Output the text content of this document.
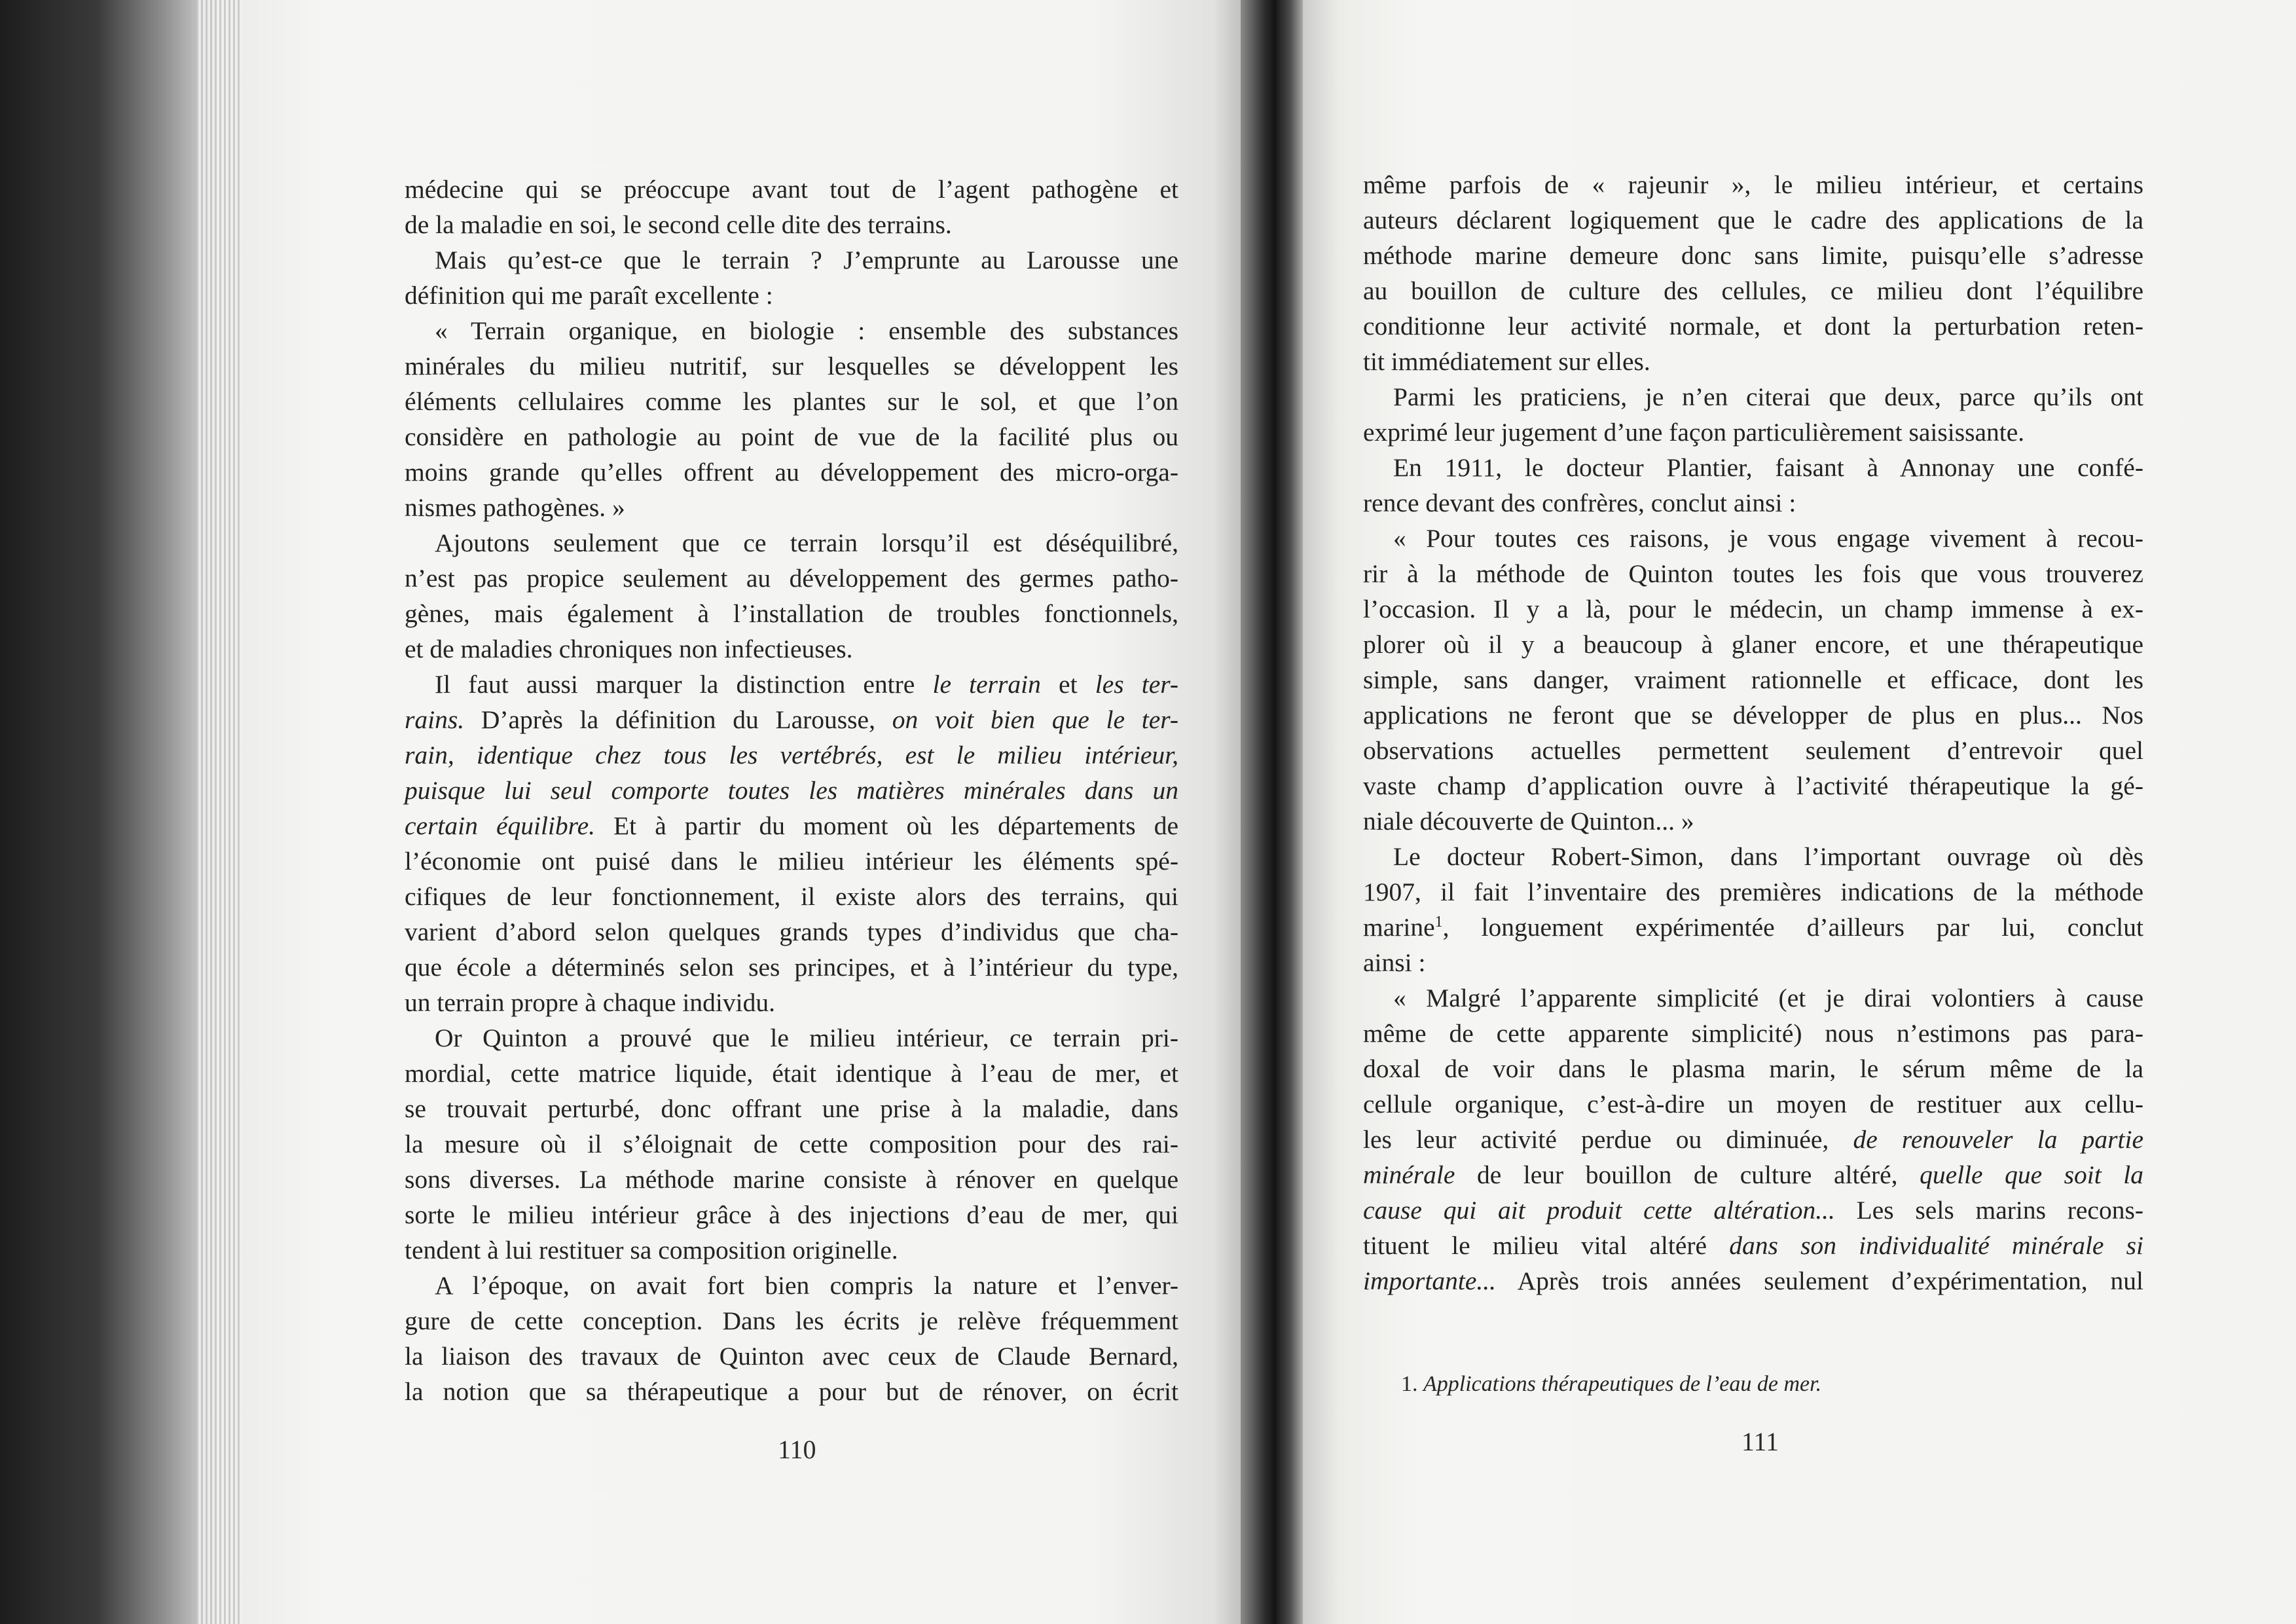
médecine qui se préoccupe avant tout de l’agent pathogène et
de la maladie en soi, le second celle dite des terrains.
Mais qu’est-ce que le terrain ? J’emprunte au Larousse une
définition qui me paraît excellente :
« Terrain organique, en biologie : ensemble des substances
minérales du milieu nutritif, sur lesquelles se développent les
éléments cellulaires comme les plantes sur le sol, et que l’on
considère en pathologie au point de vue de la facilité plus ou
moins grande qu’elles offrent au développement des micro-orga-
nismes pathogènes. »
Ajoutons seulement que ce terrain lorsqu’il est déséquilibré,
n’est pas propice seulement au développement des germes patho-
gènes, mais également à l’installation de troubles fonctionnels,
et de maladies chroniques non infectieuses.
Il faut aussi marquer la distinction entre le terrain et les ter-
rains. D’après la définition du Larousse, on voit bien que le ter-
rain, identique chez tous les vertébrés, est le milieu intérieur,
puisque lui seul comporte toutes les matières minérales dans un
certain équilibre. Et à partir du moment où les départements de
l’économie ont puisé dans le milieu intérieur les éléments spé-
cifiques de leur fonctionnement, il existe alors des terrains, qui
varient d’abord selon quelques grands types d’individus que cha-
que école a déterminés selon ses principes, et à l’intérieur du type,
un terrain propre à chaque individu.
Or Quinton a prouvé que le milieu intérieur, ce terrain pri-
mordial, cette matrice liquide, était identique à l’eau de mer, et
se trouvait perturbé, donc offrant une prise à la maladie, dans
la mesure où il s’éloignait de cette composition pour des rai-
sons diverses. La méthode marine consiste à rénover en quelque
sorte le milieu intérieur grâce à des injections d’eau de mer, qui
tendent à lui restituer sa composition originelle.
A l’époque, on avait fort bien compris la nature et l’enver-
gure de cette conception. Dans les écrits je relève fréquemment
la liaison des travaux de Quinton avec ceux de Claude Bernard,
la notion que sa thérapeutique a pour but de rénover, on écrit
110
même parfois de « rajeunir », le milieu intérieur, et certains
auteurs déclarent logiquement que le cadre des applications de la
méthode marine demeure donc sans limite, puisqu’elle s’adresse
au bouillon de culture des cellules, ce milieu dont l’équilibre
conditionne leur activité normale, et dont la perturbation reten-
tit immédiatement sur elles.
Parmi les praticiens, je n’en citerai que deux, parce qu’ils ont
exprimé leur jugement d’une façon particulièrement saisissante.
En 1911, le docteur Plantier, faisant à Annonay une confé-
rence devant des confrères, conclut ainsi :
« Pour toutes ces raisons, je vous engage vivement à recou-
rir à la méthode de Quinton toutes les fois que vous trouverez
l’occasion. Il y a là, pour le médecin, un champ immense à ex-
plorer où il y a beaucoup à glaner encore, et une thérapeutique
simple, sans danger, vraiment rationnelle et efficace, dont les
applications ne feront que se développer de plus en plus... Nos
observations actuelles permettent seulement d’entrevoir quel
vaste champ d’application ouvre à l’activité thérapeutique la gé-
niale découverte de Quinton... »
Le docteur Robert-Simon, dans l’important ouvrage où dès
1907, il fait l’inventaire des premières indications de la méthode
marine$^1$, longuement expérimentée d’ailleurs par lui, conclut
ainsi :
« Malgré l’apparente simplicité (et je dirai volontiers à cause
même de cette apparente simplicité) nous n’estimons pas para-
doxal de voir dans le plasma marin, le sérum même de la
cellule organique, c’est-à-dire un moyen de restituer aux cellu-
les leur activité perdue ou diminuée, de renouveler la partie
minérale de leur bouillon de culture altéré, quelle que soit la
cause qui ait produit cette altération... Les sels marins recons-
tituent le milieu vital altéré dans son individualité minérale si
importante... Après trois années seulement d’expérimentation, nul
1. Applications thérapeutiques de l’eau de mer.
111
